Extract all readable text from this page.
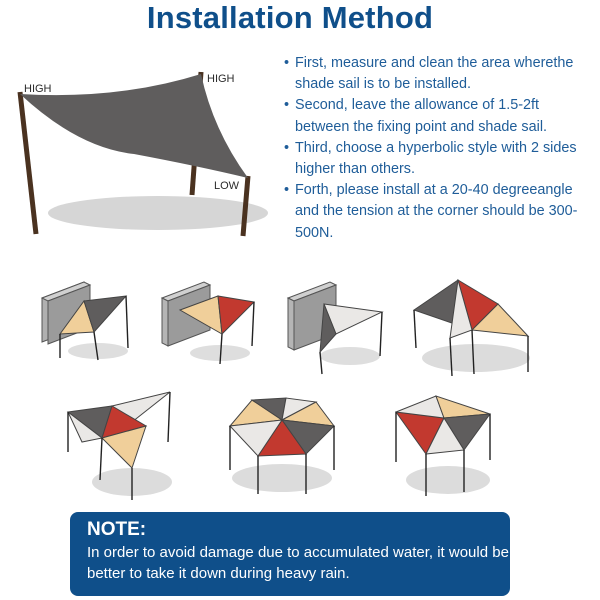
Installation Method
HIGH
HIGH
LOW
• First, measure and clean the area wherethe shade sail is to be installed.
• Second, leave the allowance of 1.5-2ft between the fixing point and shade sail.
• Third, choose a hyperbolic style with 2 sides higher than others.
• Forth, please install at a 20-40 degreeangle and the tension at the corner should be 300-500N.
NOTE:
In order to avoid damage due to accumulated water, it would be better to take it down during heavy rain.
